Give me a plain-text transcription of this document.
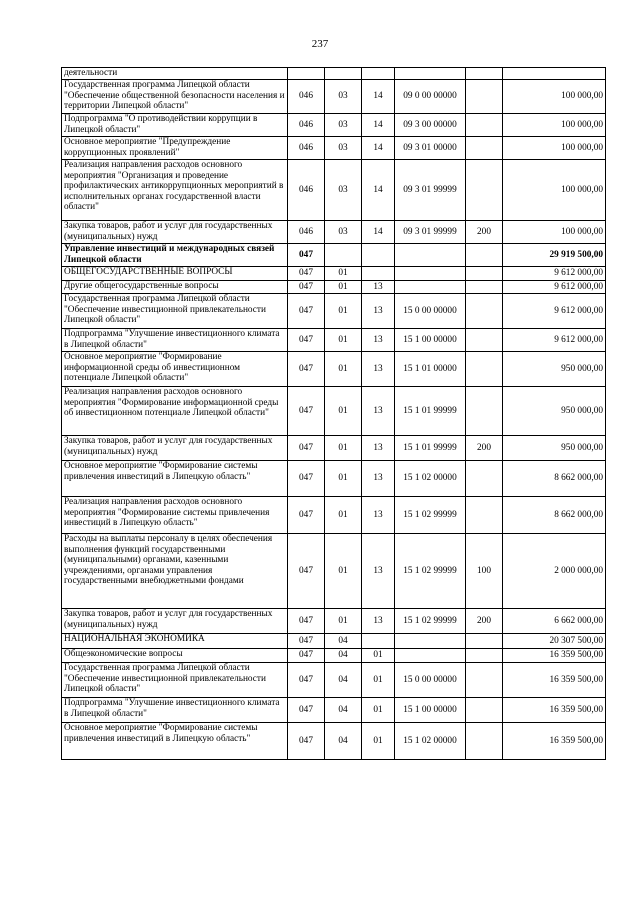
237
деятельности						
Государственная программа Липецкой области "Обеспечение общественной безопасности населения и территории Липецкой области"	046	03	14	09 0 00 00000		100 000,00
Подпрограмма "О противодействии коррупции в Липецкой области"	046	03	14	09 3 00 00000		100 000,00
Основное мероприятие "Предупреждение коррупционных проявлений"	046	03	14	09 3 01 00000		100 000,00
Реализация направления расходов основного мероприятия "Организация и проведение профилактических антикоррупционных мероприятий в исполнительных органах государственной власти области"	046	03	14	09 3 01 99999		100 000,00
Закупка товаров, работ и услуг для государственных (муниципальных) нужд	046	03	14	09 3 01 99999	200	100 000,00
Управление инвестиций и международных связей Липецкой области	047					29 919 500,00
ОБЩЕГОСУДАРСТВЕННЫЕ ВОПРОСЫ	047	01				9 612 000,00
Другие общегосударственные вопросы	047	01	13			9 612 000,00
Государственная программа Липецкой области "Обеспечение инвестиционной привлекательности Липецкой области"	047	01	13	15 0 00 00000		9 612 000,00
Подпрограмма "Улучшение инвестиционного климата в Липецкой области"	047	01	13	15 1 00 00000		9 612 000,00
Основное мероприятие "Формирование информационной среды об инвестиционном потенциале Липецкой области"	047	01	13	15 1 01 00000		950 000,00
Реализация направления расходов основного мероприятия "Формирование информационной среды об инвестиционном потенциале Липецкой области"	047	01	13	15 1 01 99999		950 000,00
Закупка товаров, работ и услуг для государственных (муниципальных) нужд	047	01	13	15 1 01 99999	200	950 000,00
Основное мероприятие "Формирование системы привлечения инвестиций в Липецкую область"	047	01	13	15 1 02 00000		8 662 000,00
Реализация направления расходов основного мероприятия "Формирование системы привлечения инвестиций в Липецкую область"	047	01	13	15 1 02 99999		8 662 000,00
Расходы на выплаты персоналу в целях обеспечения выполнения функций государственными (муниципальными) органами, казенными учреждениями, органами управления государственными внебюджетными фондами	047	01	13	15 1 02 99999	100	2 000 000,00
Закупка товаров, работ и услуг для государственных (муниципальных) нужд	047	01	13	15 1 02 99999	200	6 662 000,00
НАЦИОНАЛЬНАЯ ЭКОНОМИКА	047	04				20 307 500,00
Общеэкономические вопросы	047	04	01			16 359 500,00
Государственная программа Липецкой области "Обеспечение инвестиционной привлекательности Липецкой области"	047	04	01	15 0 00 00000		16 359 500,00
Подпрограмма "Улучшение инвестиционного климата в Липецкой области"	047	04	01	15 1 00 00000		16 359 500,00
Основное мероприятие "Формирование системы привлечения инвестиций в Липецкую область"	047	04	01	15 1 02 00000		16 359 500,00
